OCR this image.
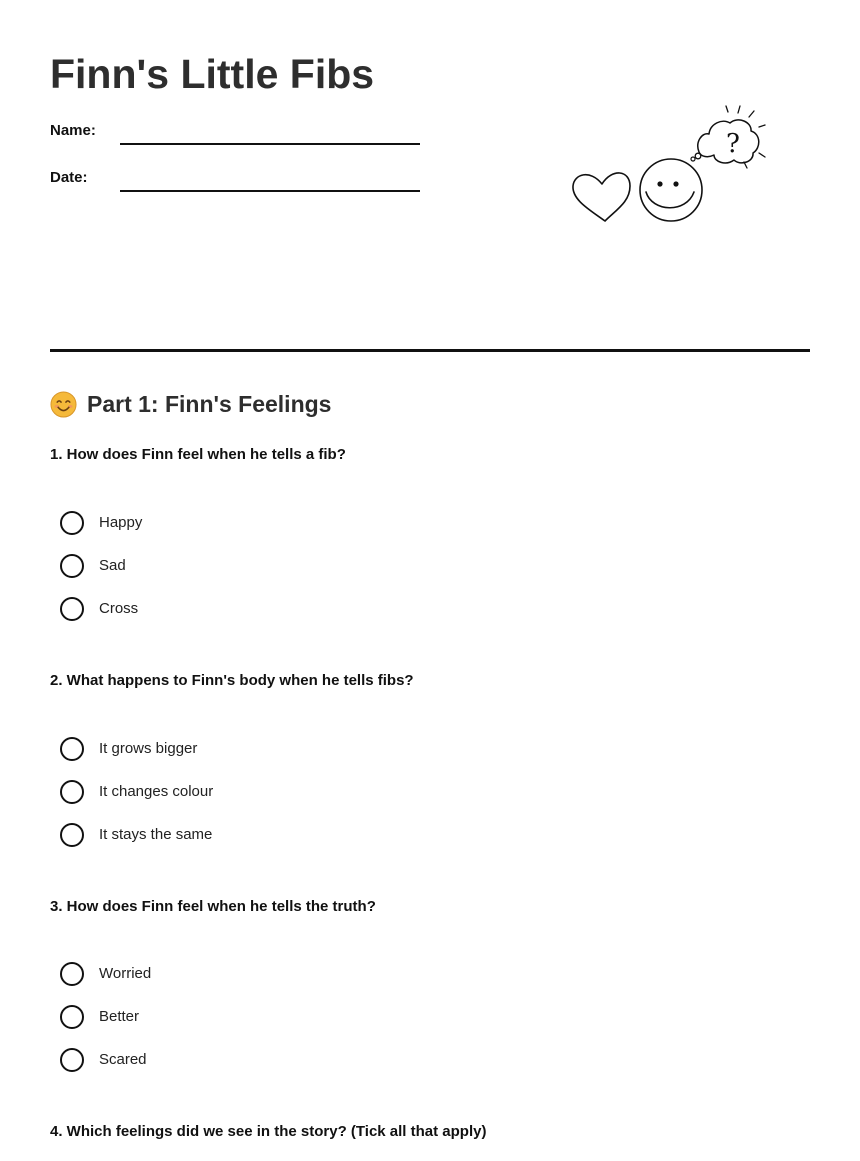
Finn's Little Fibs
Name:
Date:
?
Part 1: Finn's Feelings
1. How does Finn feel when he tells a fib?
Happy
Sad
Cross
2. What happens to Finn's body when he tells fibs?
It grows bigger
It changes colour
It stays the same
3. How does Finn feel when he tells the truth?
Worried
Better
Scared
4. Which feelings did we see in the story? (Tick all that apply)
